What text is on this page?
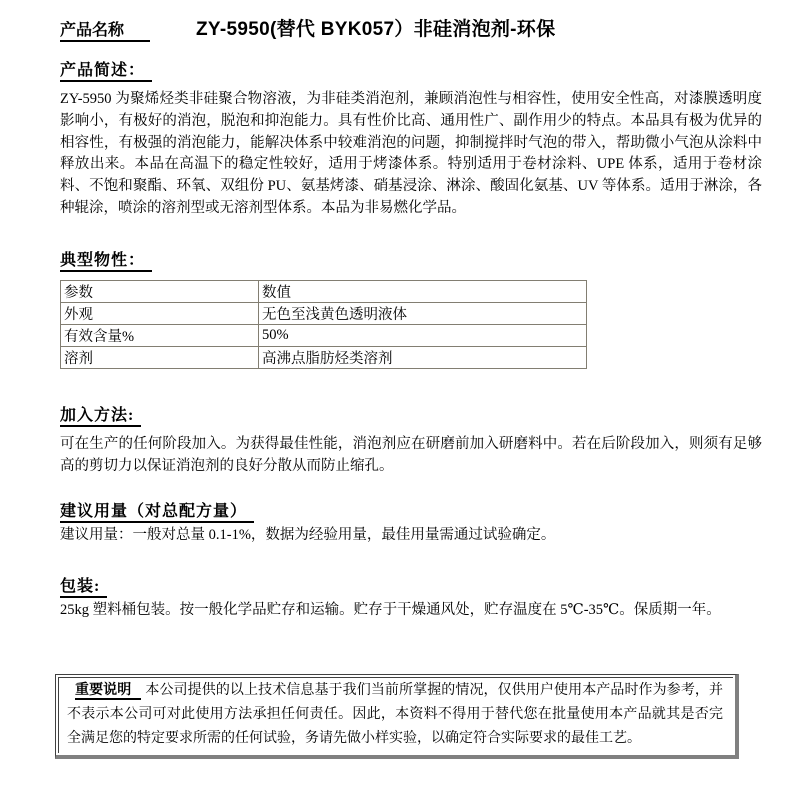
产品名称	ZY-5950(替代 BYK057）非硅消泡剂-环保
产品简述：

ZY-5950 为聚烯烃类非硅聚合物溶液，为非硅类消泡剂，兼顾消泡性与相容性，使用安全性高，对漆膜透明度影响小，有极好的消泡，脱泡和抑泡能力。具有性价比高、通用性广、副作用少的特点。本品具有极为优异的相容性，有极强的消泡能力，能解决体系中较难消泡的问题，抑制搅拌时气泡的带入，帮助微小气泡从涂料中释放出来。本品在高温下的稳定性较好，适用于烤漆体系。特别适用于卷材涂料、UPE 体系，适用于卷材涂料、不饱和聚酯、环氧、双组份 PU、氨基烤漆、硝基浸涂、淋涂、酸固化氨基、UV 等体系。适用于淋涂，各种辊涂，喷涂的溶剂型或无溶剂型体系。本品为非易燃化学品。

典型物性：
参数	数值
外观	无色至浅黄色透明液体
有效含量%	50%
溶剂	高沸点脂肪烃类溶剂
加入方法:

可在生产的任何阶段加入。为获得最佳性能，消泡剂应在研磨前加入研磨料中。若在后阶段加入，则须有足够高的剪切力以保证消泡剂的良好分散从而防止缩孔。

建议用量（对总配方量）

建议用量：一般对总量 0.1-1%，数据为经验用量，最佳用量需通过试验确定。

包装:

25kg 塑料桶包装。按一般化学品贮存和运输。贮存于干燥通风处，贮存温度在 5℃-35℃。保质期一年。

重要说明 本公司提供的以上技术信息基于我们当前所掌握的情况，仅供用户使用本产品时作为参考，并不表示本公司可对此使用方法承担任何责任。因此，本资料不得用于替代您在批量使用本产品就其是否完全满足您的特定要求所需的任何试验，务请先做小样实验，以确定符合实际要求的最佳工艺。
